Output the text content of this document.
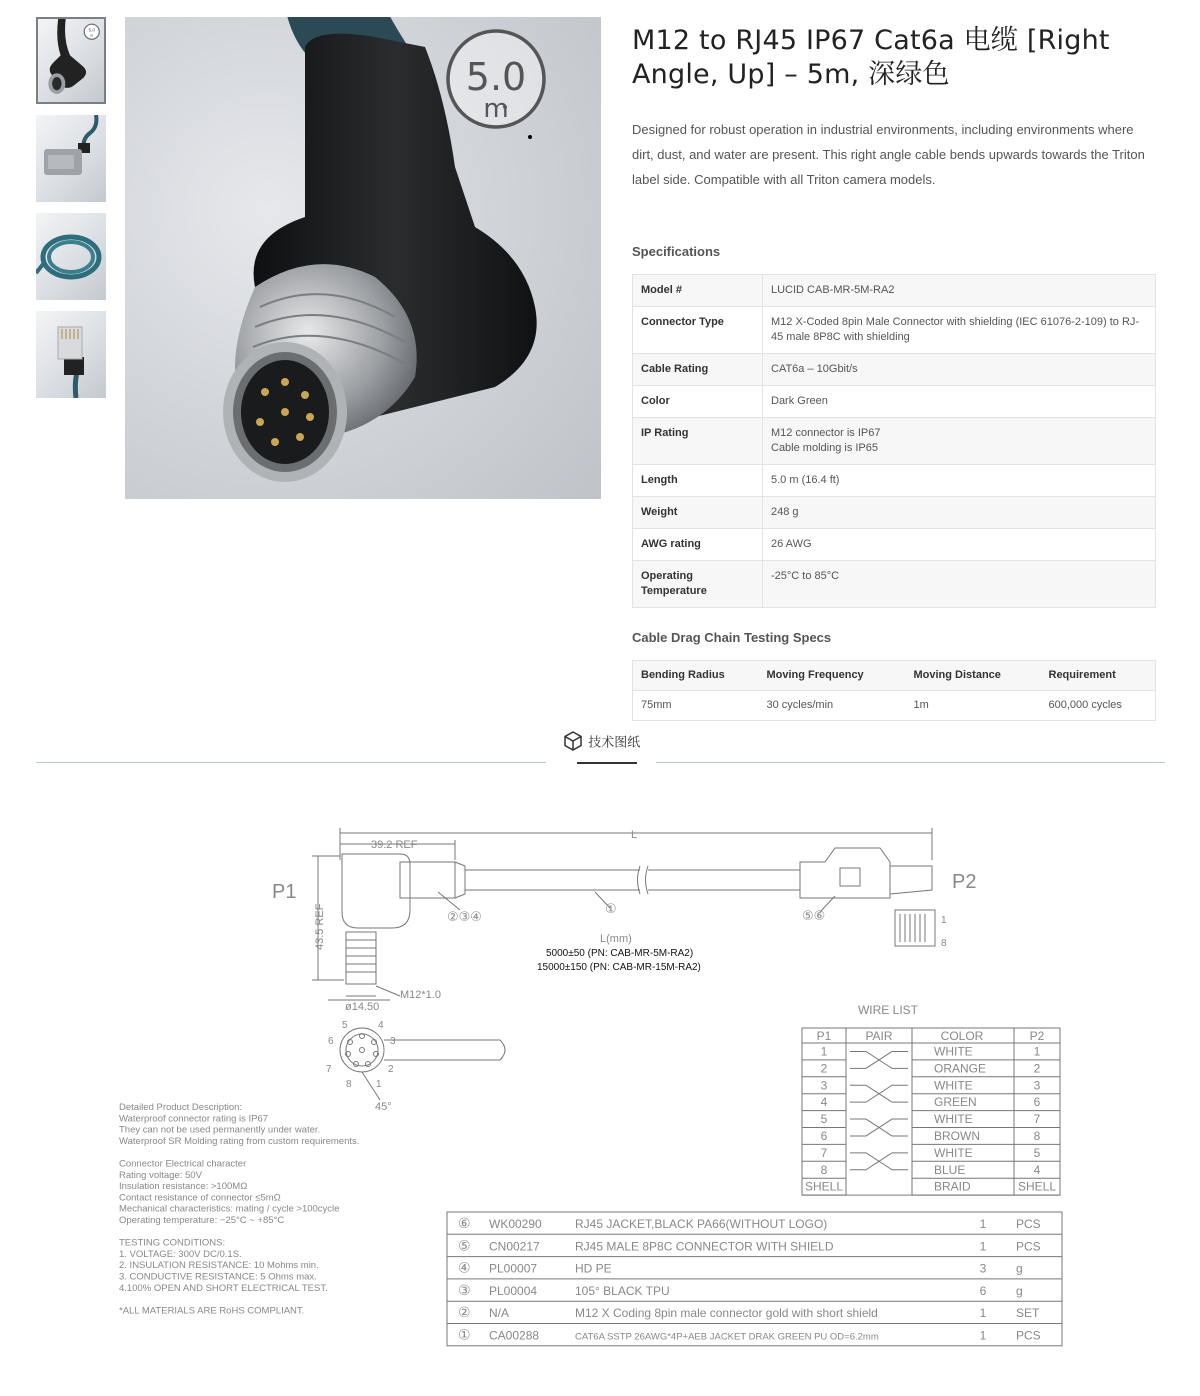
5.0
m
5.0
m
M12 to RJ45 IP67 Cat6a 电缆 [Right Angle, Up] – 5m, 深绿色

Designed for robust operation in industrial environments, including environments where dirt, dust, and water are present. This right angle cable bends upwards towards the Triton label side. Compatible with all Triton camera models.

Specifications
Model #	LUCID CAB-MR-5M-RA2
Connector Type	M12 X-Coded 8pin Male Connector with shielding (IEC 61076-2-109) to RJ-45 male 8P8C with shielding
Cable Rating	CAT6a – 10Gbit/s
Color	Dark Green
IP Rating	M12 connector is IP67
Cable molding is IP65
Length	5.0 m (16.4 ft)
Weight	248 g
AWG rating	26 AWG
Operating Temperature	-25°C to 85°C
Cable Drag Chain Testing Specs
Bending Radius	Moving Frequency	Moving Distance	Requirement
75mm	30 cycles/min	1m	600,000 cycles
技术图纸
P1	P2
39.2 REF
L
43.5 REF
ø14.50
M12*1.0
②③④
①	⑤⑥
L(mm)
5000±50 (PN: CAB-MR-5M-RA2)
15000±150 (PN: CAB-MR-15M-RA2)
45°
1
8
5	4
6	3
7	2
8 1
Detailed Product Description:
Waterproof connector rating is IP67
They can not be used permanently under water.
Waterproof SR Molding rating from custom requirements.
Connector Electrical character
Rating voltage: 50V
Insulation resistance: >100MΩ
Contact resistance of connector ≤5mΩ
Mechanical characteristics: mating / cycle >100cycle
Operating temperature: −25°C ~ +85°C
TESTING CONDITIONS:
1. VOLTAGE: 300V DC/0.1S.
2. INSULATION RESISTANCE: 10 Mohms min.
3. CONDUCTIVE RESISTANCE: 5 Ohms max.
4.100% OPEN AND SHORT ELECTRICAL TEST.
*ALL MATERIALS ARE RoHS COMPLIANT.
WIRE LIST
P1	PAIR	COLOR	P2
1	WHITE	1
2	ORANGE	2
3	WHITE	3
4	GREEN	6
5	WHITE	7
6	BROWN	8
7	WHITE	5
8	BLUE	4
SHELL	BRAID	SHELL
⑥ WK00290	RJ45 JACKET,BLACK PA66(WITHOUT LOGO)	1 PCS
⑤ CN00217	RJ45 MALE 8P8C CONNECTOR WITH SHIELD	1 PCS
④ PL00007	HD PE	3 g
③ PL00004	105° BLACK TPU	6 g
② N/A	M12 X Coding 8pin male connector gold with short shield	1 SET
① CA00288	CAT6A SSTP 26AWG*4P+AEB JACKET DRAK GREEN PU OD=6.2mm	1 PCS
